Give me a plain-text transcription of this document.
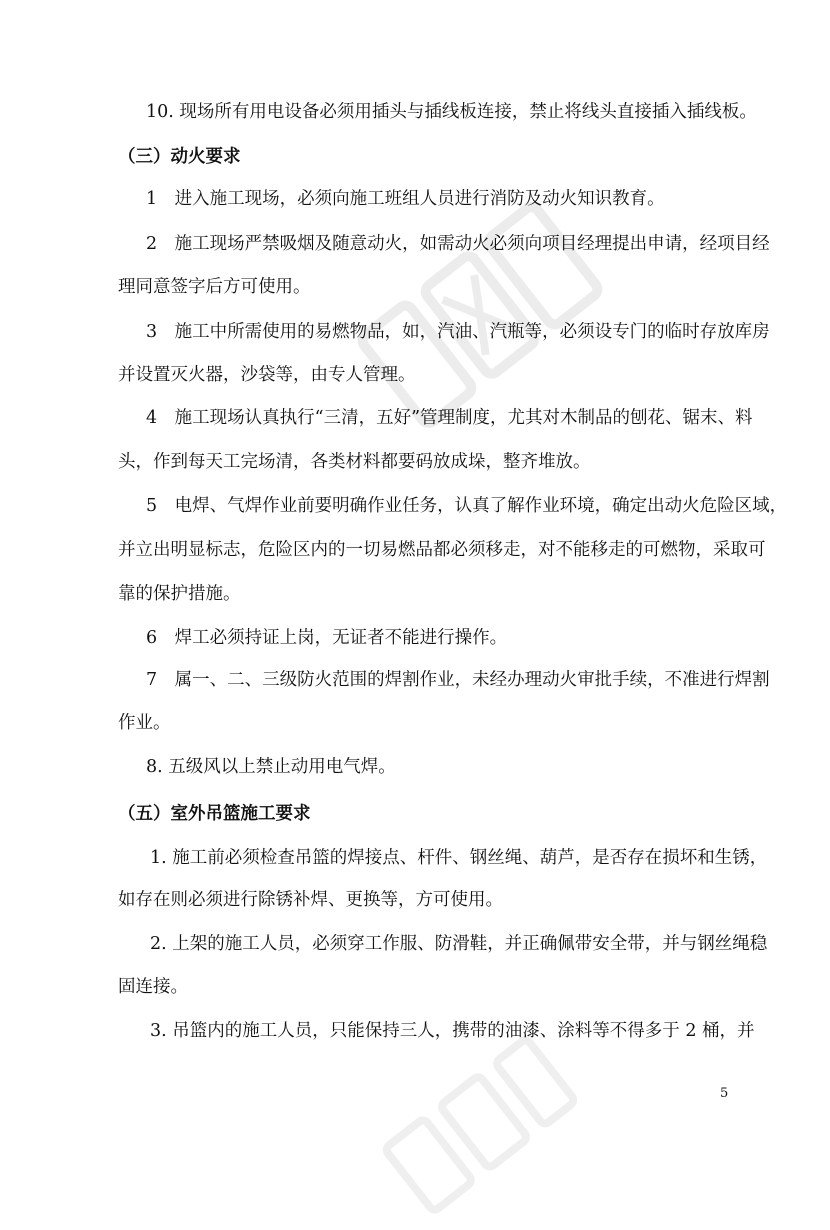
10. 现场所有用电设备必须用插头与插线板连接，禁止将线头直接插入插线板。
（三）动火要求
1　进入施工现场，必须向施工班组人员进行消防及动火知识教育。
2　施工现场严禁吸烟及随意动火，如需动火必须向项目经理提出申请，经项目经
理同意签字后方可使用。
3　施工中所需使用的易燃物品，如，汽油、汽瓶等，必须设专门的临时存放库房
并设置灭火器，沙袋等，由专人管理。
4　施工现场认真执行“三清，五好”管理制度，尤其对木制品的刨花、锯末、料
头，作到每天工完场清，各类材料都要码放成垛，整齐堆放。
5　电焊、气焊作业前要明确作业任务，认真了解作业环境，确定出动火危险区域，
并立出明显标志，危险区内的一切易燃品都必须移走，对不能移走的可燃物，采取可
靠的保护措施。
6　焊工必须持证上岗，无证者不能进行操作。
7　属一、二、三级防火范围的焊割作业，未经办理动火审批手续，不准进行焊割
作业。
8. 五级风以上禁止动用电气焊。
（五）室外吊篮施工要求
1. 施工前必须检查吊篮的焊接点、杆件、钢丝绳、葫芦，是否存在损坏和生锈，
如存在则必须进行除锈补焊、更换等，方可使用。
2. 上架的施工人员，必须穿工作服、防滑鞋，并正确佩带安全带，并与钢丝绳稳
固连接。
3. 吊篮内的施工人员，只能保持三人，携带的油漆、涂料等不得多于 2 桶，并
5
